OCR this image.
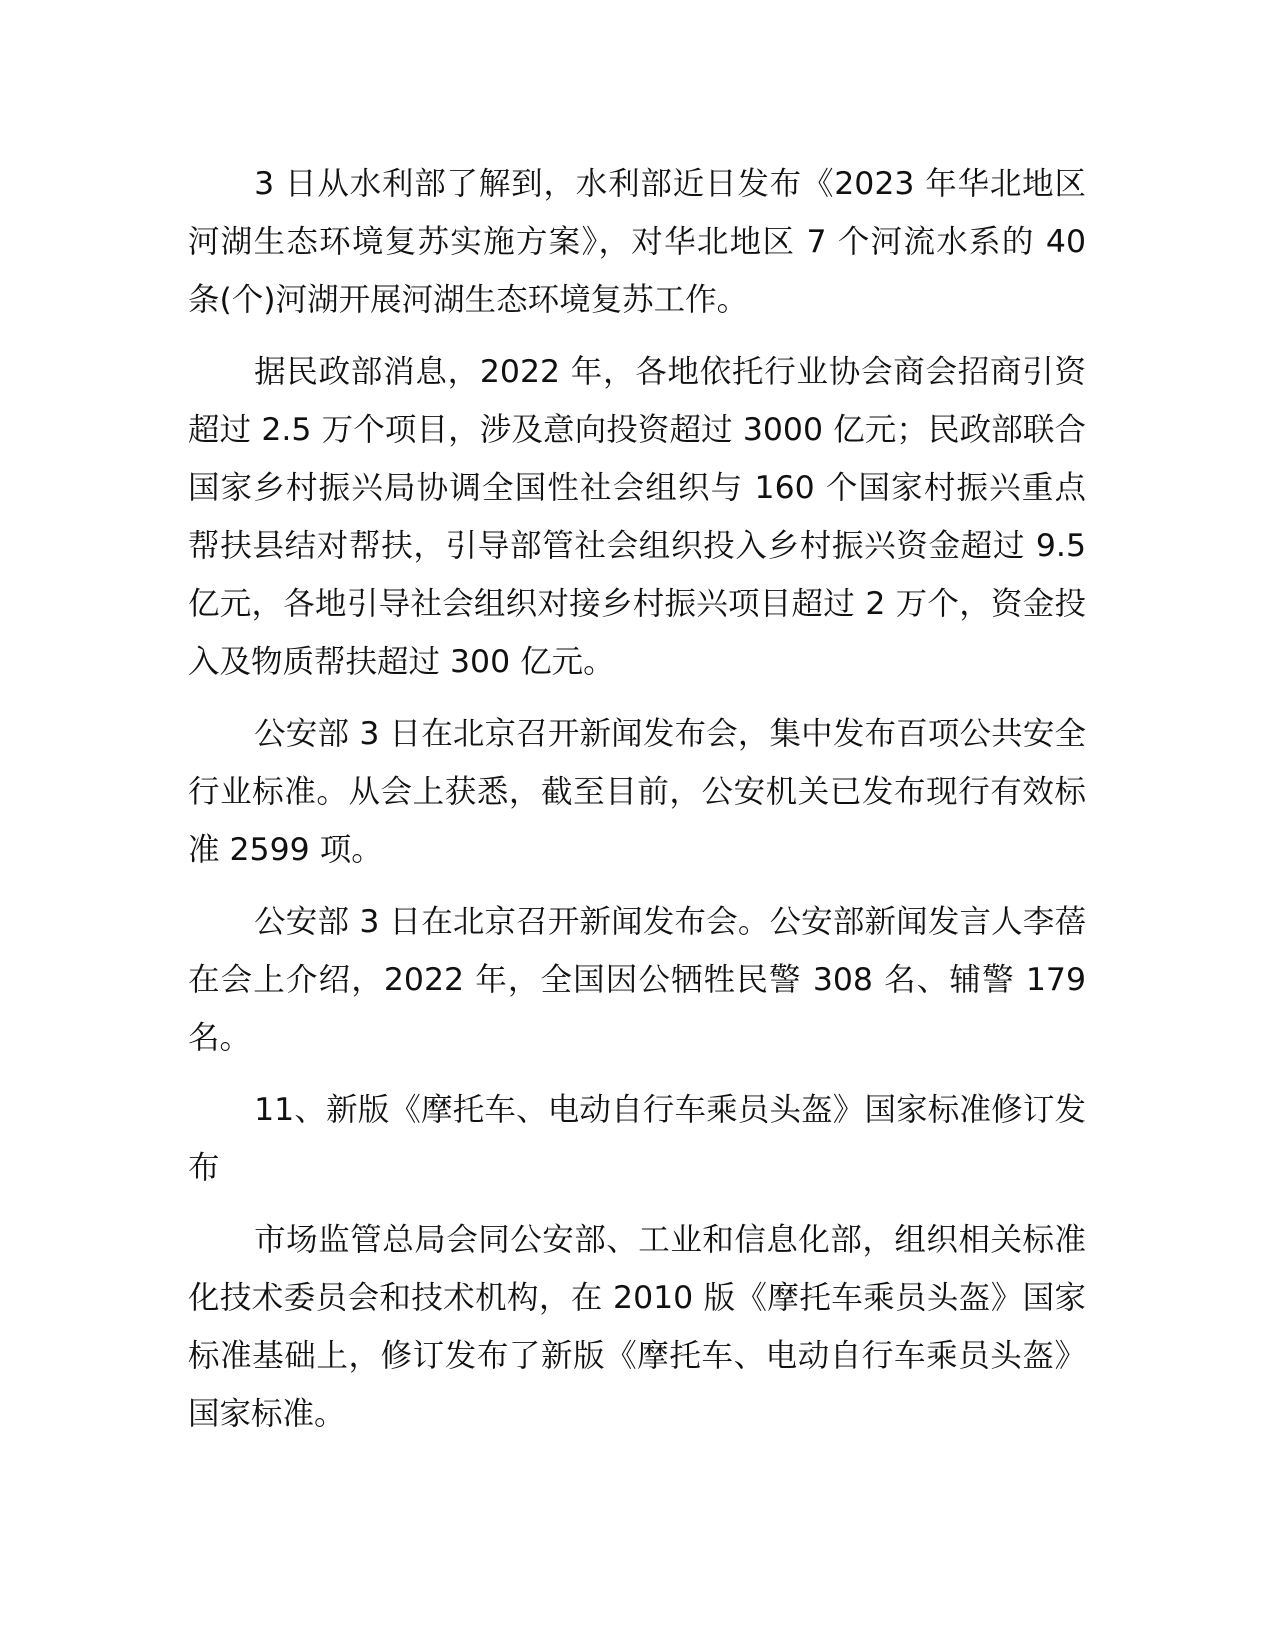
3 日从水利部了解到，水利部近日发布《2023 年华北地区河湖生态环境复苏实施方案》，对华北地区 7 个河流水系的 40 条(个)河湖开展河湖生态环境复苏工作。

据民政部消息，2022 年，各地依托行业协会商会招商引资超过 2.5 万个项目，涉及意向投资超过 3000 亿元；民政部联合国家乡村振兴局协调全国性社会组织与 160 个国家村振兴重点帮扶县结对帮扶，引导部管社会组织投入乡村振兴资金超过 9.5 亿元，各地引导社会组织对接乡村振兴项目超过 2 万个，资金投入及物质帮扶超过 300 亿元。

公安部 3 日在北京召开新闻发布会，集中发布百项公共安全行业标准。从会上获悉，截至目前，公安机关已发布现行有效标准 2599 项。

公安部 3 日在北京召开新闻发布会。公安部新闻发言人李蓓在会上介绍，2022 年，全国因公牺牲民警 308 名、辅警 179 名。

11、新版《摩托车、电动自行车乘员头盔》国家标准修订发布

市场监管总局会同公安部、工业和信息化部，组织相关标准化技术委员会和技术机构，在 2010 版《摩托车乘员头盔》国家标准基础上，修订发布了新版《摩托车、电动自行车乘员头盔》国家标准。
